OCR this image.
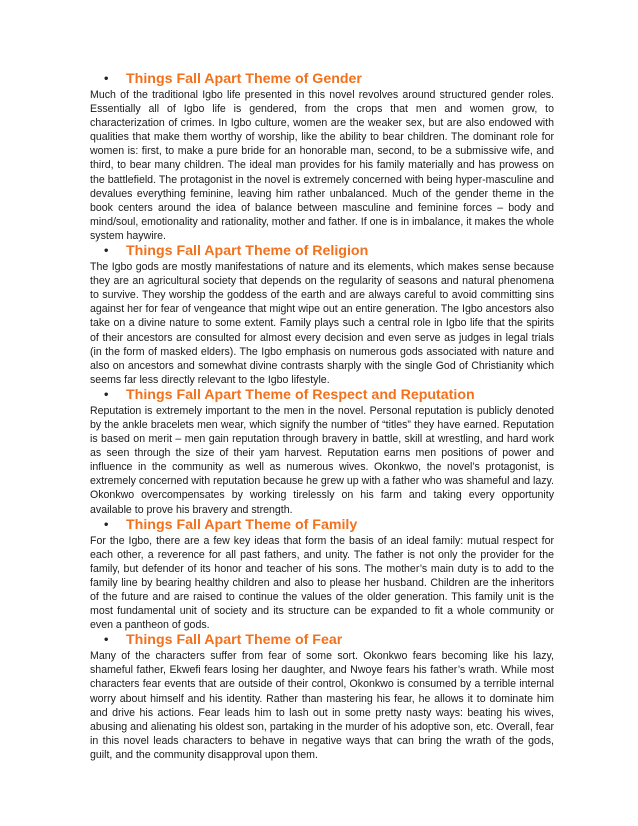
• Things Fall Apart Theme of Gender

Much of the traditional Igbo life presented in this novel revolves around structured gender roles. Essentially all of Igbo life is gendered, from the crops that men and women grow, to characterization of crimes. In Igbo culture, women are the weaker sex, but are also endowed with qualities that make them worthy of worship, like the ability to bear children. The dominant role for women is: first, to make a pure bride for an honorable man, second, to be a submissive wife, and third, to bear many children. The ideal man provides for his family materially and has prowess on the battlefield. The protagonist in the novel is extremely concerned with being hyper-masculine and devalues everything feminine, leaving him rather unbalanced. Much of the gender theme in the book centers around the idea of balance between masculine and feminine forces – body and mind/soul, emotionality and rationality, mother and father. If one is in imbalance, it makes the whole system haywire.

• Things Fall Apart Theme of Religion

The Igbo gods are mostly manifestations of nature and its elements, which makes sense because they are an agricultural society that depends on the regularity of seasons and natural phenomena to survive. They worship the goddess of the earth and are always careful to avoid committing sins against her for fear of vengeance that might wipe out an entire generation. The Igbo ancestors also take on a divine nature to some extent. Family plays such a central role in Igbo life that the spirits of their ancestors are consulted for almost every decision and even serve as judges in legal trials (in the form of masked elders). The Igbo emphasis on numerous gods associated with nature and also on ancestors and somewhat divine contrasts sharply with the single God of Christianity which seems far less directly relevant to the Igbo lifestyle.

• Things Fall Apart Theme of Respect and Reputation

Reputation is extremely important to the men in the novel. Personal reputation is publicly denoted by the ankle bracelets men wear, which signify the number of “titles” they have earned. Reputation is based on merit – men gain reputation through bravery in battle, skill at wrestling, and hard work as seen through the size of their yam harvest. Reputation earns men positions of power and influence in the community as well as numerous wives. Okonkwo, the novel’s protagonist, is extremely concerned with reputation because he grew up with a father who was shameful and lazy. Okonkwo overcompensates by working tirelessly on his farm and taking every opportunity available to prove his bravery and strength.

• Things Fall Apart Theme of Family

For the Igbo, there are a few key ideas that form the basis of an ideal family: mutual respect for each other, a reverence for all past fathers, and unity. The father is not only the provider for the family, but defender of its honor and teacher of his sons. The mother’s main duty is to add to the family line by bearing healthy children and also to please her husband. Children are the inheritors of the future and are raised to continue the values of the older generation. This family unit is the most fundamental unit of society and its structure can be expanded to fit a whole community or even a pantheon of gods.

• Things Fall Apart Theme of Fear

Many of the characters suffer from fear of some sort. Okonkwo fears becoming like his lazy, shameful father, Ekwefi fears losing her daughter, and Nwoye fears his father’s wrath. While most characters fear events that are outside of their control, Okonkwo is consumed by a terrible internal worry about himself and his identity. Rather than mastering his fear, he allows it to dominate him and drive his actions. Fear leads him to lash out in some pretty nasty ways: beating his wives, abusing and alienating his oldest son, partaking in the murder of his adoptive son, etc. Overall, fear in this novel leads characters to behave in negative ways that can bring the wrath of the gods, guilt, and the community disapproval upon them.
